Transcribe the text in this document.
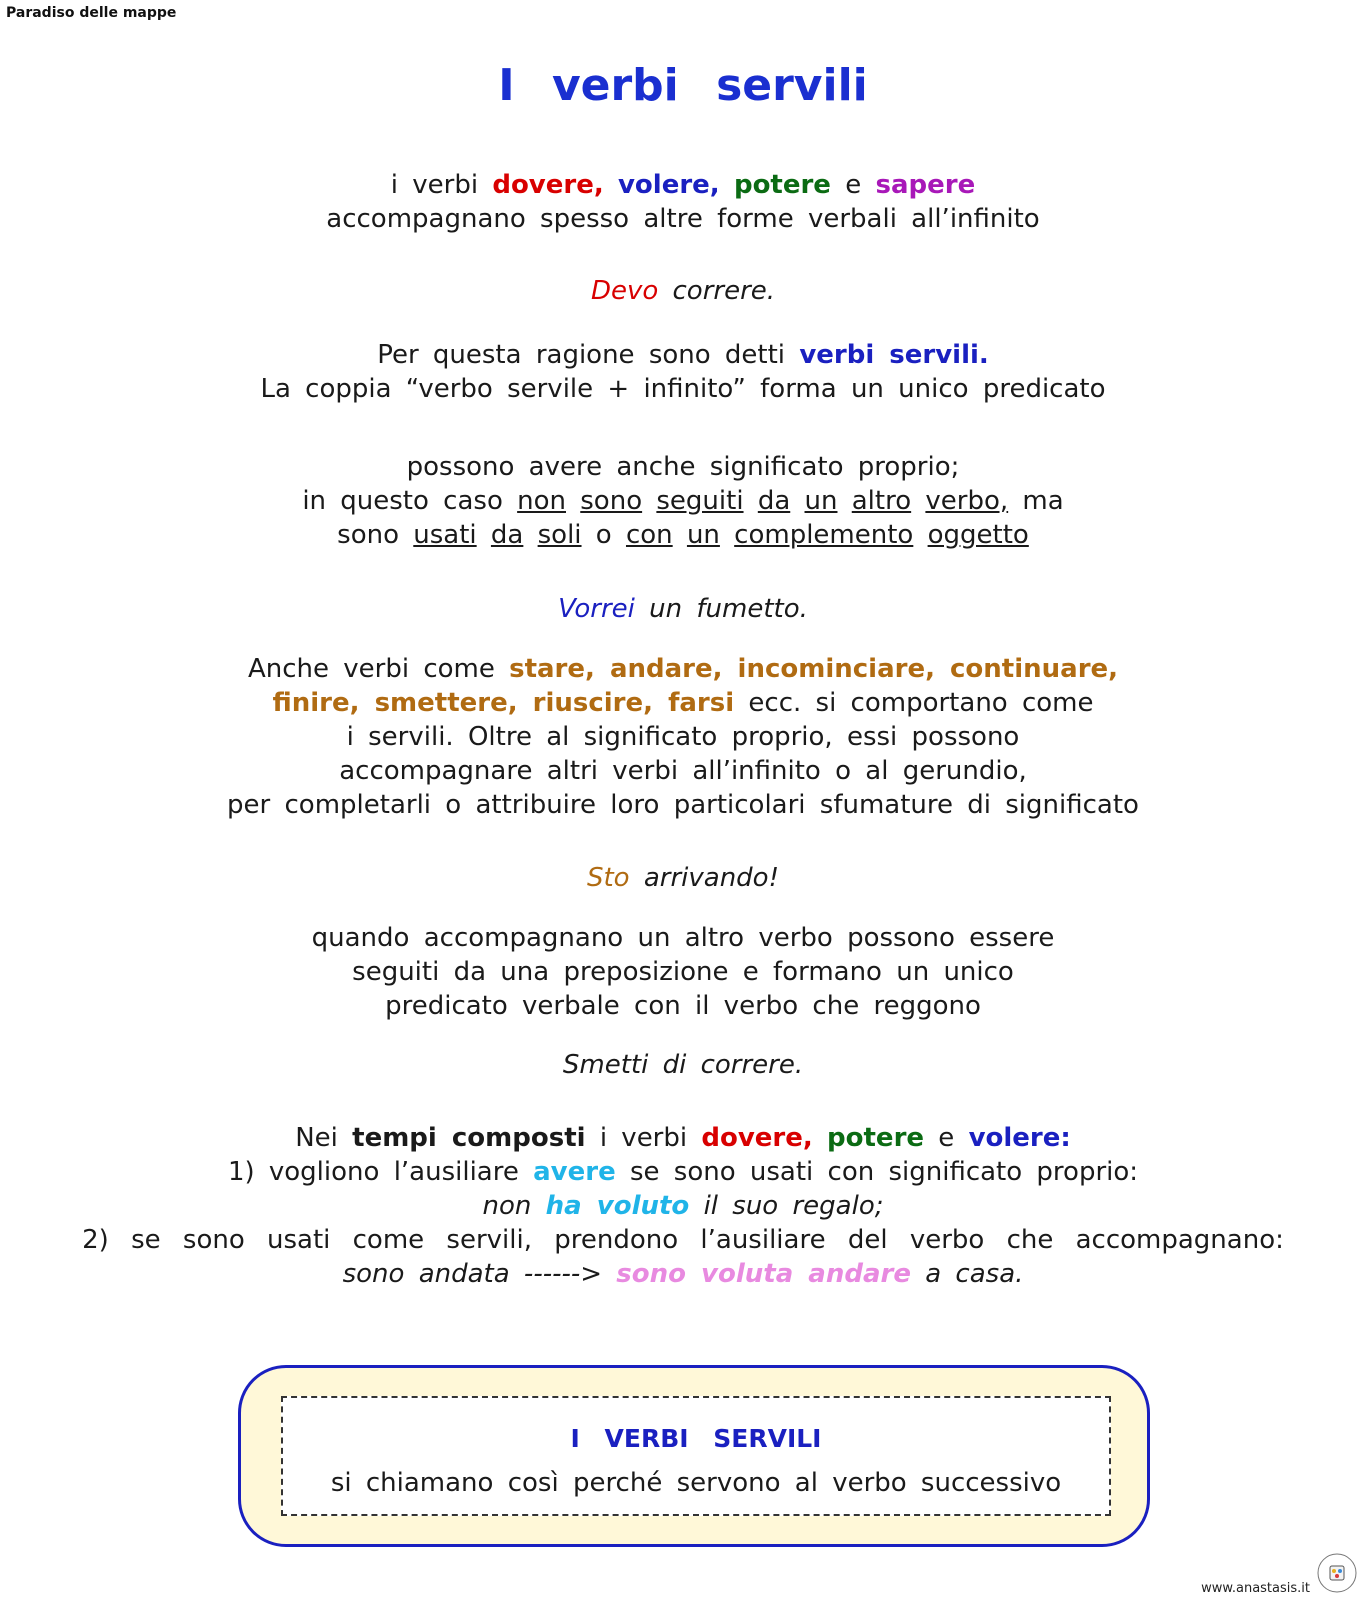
Paradiso delle mappe
I verbi servili
i verbi dovere, volere, potere e sapere
accompagnano spesso altre forme verbali all’infinito
Devo correre.
Per questa ragione sono detti verbi servili.
La coppia “verbo servile + infinito” forma un unico predicato
possono avere anche significato proprio;
in questo caso non sono seguiti da un altro verbo, ma
sono usati da soli o con un complemento oggetto
Vorrei un fumetto.
Anche verbi come stare, andare, incominciare, continuare,
finire, smettere, riuscire, farsi ecc. si comportano come
i servili. Oltre al significato proprio, essi possono
accompagnare altri verbi all’infinito o al gerundio,
per completarli o attribuire loro particolari sfumature di significato
Sto arrivando!
quando accompagnano un altro verbo possono essere
seguiti da una preposizione e formano un unico
predicato verbale con il verbo che reggono
Smetti di correre.
Nei tempi composti i verbi dovere, potere e volere:
1) vogliono l’ausiliare avere se sono usati con significato proprio:
non ha voluto il suo regalo;
2) se sono usati come servili, prendono l’ausiliare del verbo che accompagnano:
sono andata ------> sono voluta andare a casa.
I VERBI SERVILI
si chiamano così perché servono al verbo successivo
www.anastasis.it
